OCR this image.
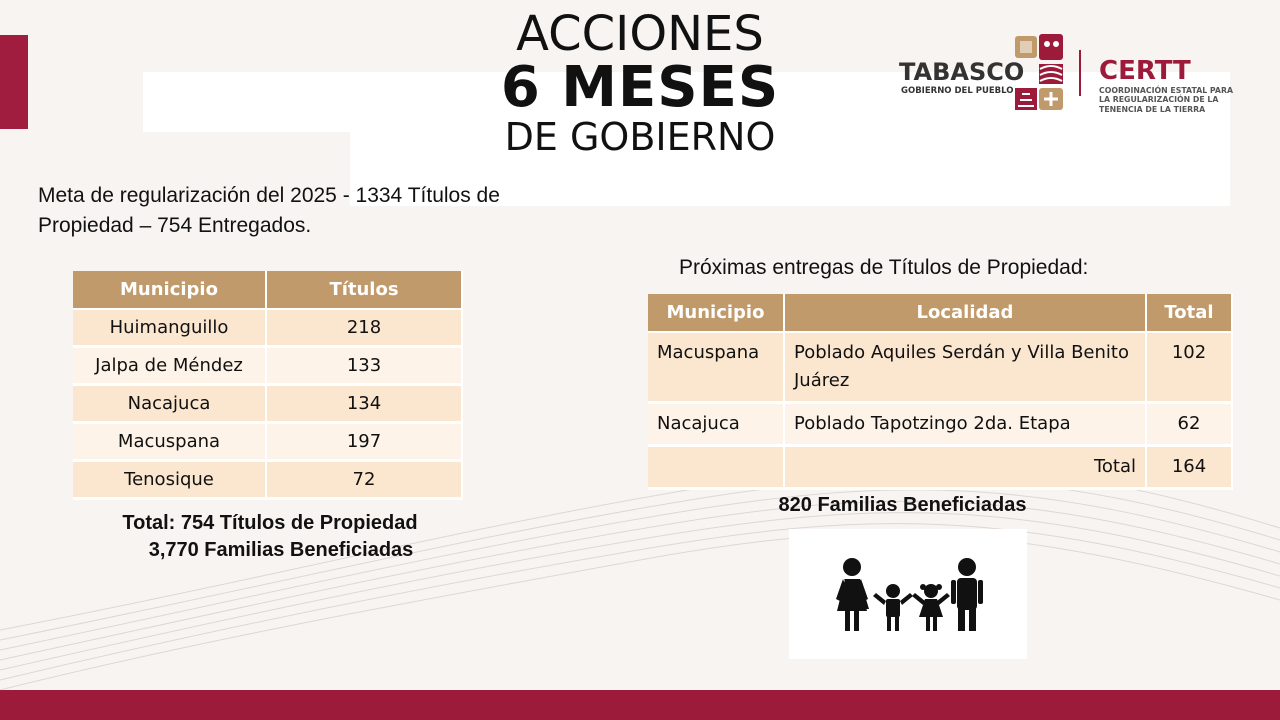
ACCIONES
6 MESES
DE GOBIERNO
TABASCO
GOBIERNO DEL PUEBLO
CERTT
COORDINACIÓN ESTATAL PARA
LA REGULARIZACIÓN DE LA
TENENCIA DE LA TIERRA
Meta de regularización del 2025 - 1334 Títulos de
Propiedad – 754 Entregados.
Municipio	Títulos
Huimanguillo	218
Jalpa de Méndez	133
Nacajuca	134
Macuspana	197
Tenosique	72
Total: 754 Títulos de Propiedad
3,770 Familias Beneficiadas
Próximas entregas de Títulos de Propiedad:
Municipio	Localidad	Total
Macuspana	Poblado Aquiles Serdán y Villa Benito Juárez	102
Nacajuca	Poblado Tapotzingo 2da. Etapa	62
	Total	164
820 Familias Beneficiadas
